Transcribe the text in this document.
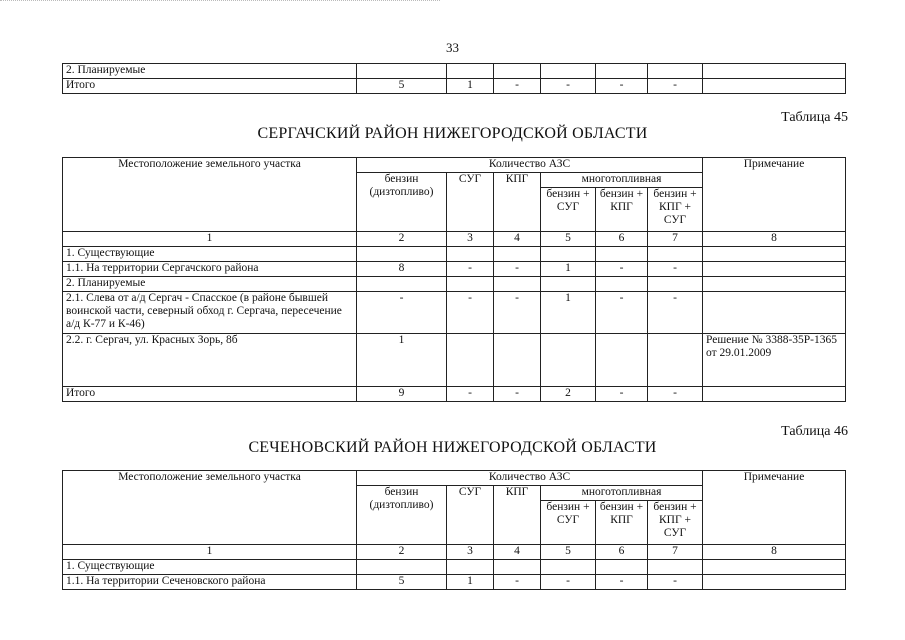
33
2. Планируемые							
Итого	5	1	-	-	-	-	
Таблица 45
СЕРГАЧСКИЙ РАЙОН НИЖЕГОРОДСКОЙ ОБЛАСТИ
Местоположение земельного участка	Количество АЗС						Примечание
	бензин (дизтопливо)	СУГ	КПГ	многотопливная			
				бензин + СУГ	бензин + КПГ	бензин + КПГ + СУГ	
1	2	3	4	5	6	7	8
1. Существующие							
1.1. На территории Сергачского района	8	-	-	1	-	-	
2. Планируемые							
2.1. Слева от а/д Сергач - Спасское (в районе бывшей воинской части, северный обход г. Сергача, пересечение а/д К-77 и К-46)	-	-	-	1	-	-	
2.2. г. Сергач, ул. Красных Зорь, 8б	1						Решение № 3388-35Р-1365 от 29.01.2009
Итого	9	-	-	2	-	-	
Таблица 46
СЕЧЕНОВСКИЙ РАЙОН НИЖЕГОРОДСКОЙ ОБЛАСТИ
Местоположение земельного участка	Количество АЗС						Примечание
	бензин (дизтопливо)	СУГ	КПГ	многотопливная			
				бензин + СУГ	бензин + КПГ	бензин + КПГ + СУГ	
1	2	3	4	5	6	7	8
1. Существующие							
1.1. На территории Сеченовского района	5	1	-	-	-	-	
